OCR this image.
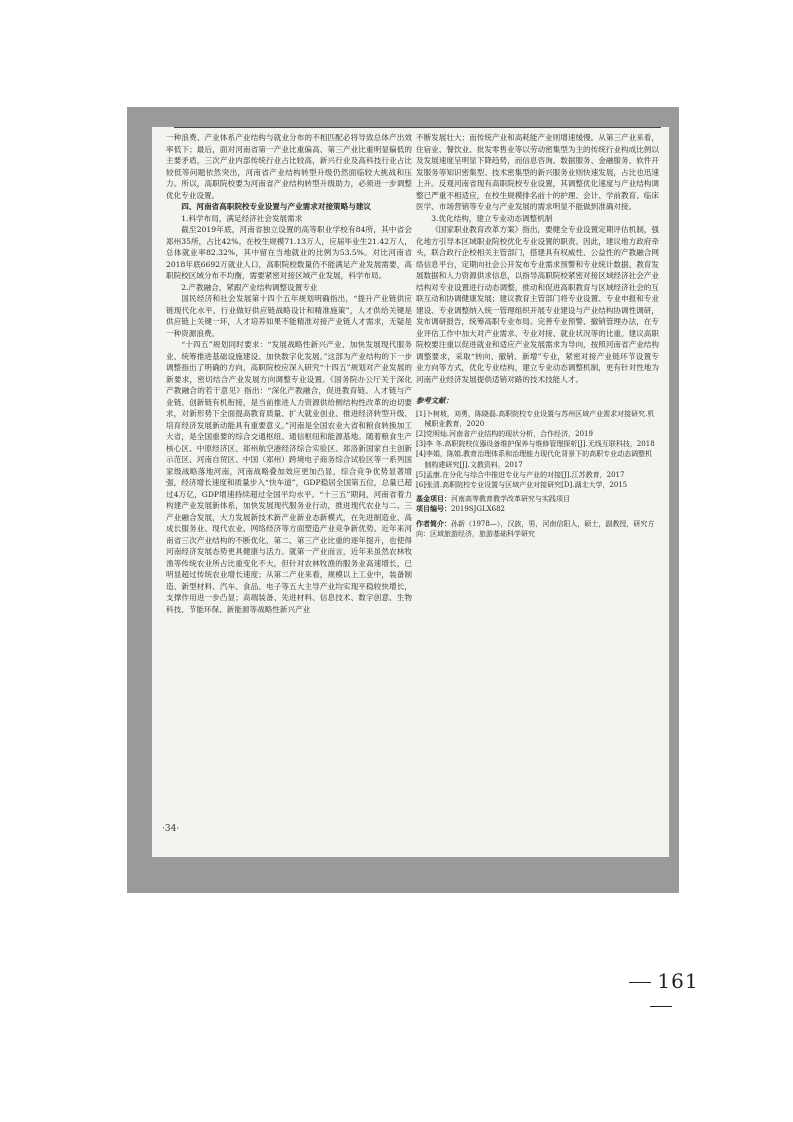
一种浪费、产业体系产业结构与就业分布的不相匹配必将导致总体产出效率低下；最后，面对河南省第一产业比重偏高、第三产业比重明显偏低的主要矛盾，三次产业内部传统行业占比较高，新兴行业及高科技行业占比较低等问题依然突出，河南省产业结构转型升级仍然面临较大挑战和压力。所以，高职院校要为河南省产业结构转型升级助力，必须进一步调整优化专业设置。

四、河南省高职院校专业设置与产业需求对接策略与建议

1.科学布局，满足经济社会发展需求

截至2019年底，河南省独立设置的高等职业学校有84所，其中省会郑州35所，占比42%。在校生规模71.13万人，应届毕业生21.42万人，总体就业率82.32%，其中留在当地就业的比例为53.5%。对比河南省2018年底6692万就业人口，高职院校数量仍不能满足产业发展需要，高职院校区域分布不均衡，需要紧密对接区域产业发展，科学布局。

2.产教融合，紧跟产业结构调整设置专业

国民经济和社会发展第十四个五年规划明确指出，“提升产业链供应链现代化水平，行业做好供应链战略设计和精准施策”，人才供给关键是供应链上关键一环，人才培养如果不能精准对接产业链人才需求，无疑是一种资源浪费。

“十四五”规划同时要求：“发展战略性新兴产业、加快发展现代服务业、统筹推进基础设施建设、加快数字化发展。”这部为产业结构的下一步调整指出了明确的方向，高职院校应深入研究“十四五”规划对产业发展的新要求，密切结合产业发展方向调整专业设置。《国务院办公厅关于深化产教融合的若干意见》指出：“深化产教融合，促进教育链、人才链与产业链、创新链有机衔接，是当前推进人力资源供给侧结构性改革的迫切要求，对新形势下全面提高教育质量、扩大就业创业、推进经济转型升级、培育经济发展新动能具有重要意义。”河南是全国农业大省和粮食转换加工大省，是全国重要的综合交通枢纽、通信枢纽和能源基地。随着粮食生产核心区、中原经济区、郑州航空港经济综合实验区、郑洛新国家自主创新示范区、河南自贸区、中国（郑州）跨境电子商务综合试验区等一系列国家级战略落地河南，河南战略叠加效应更加凸显，综合竞争优势显著增强，经济增长速度和质量步入“快车道”，GDP稳居全国第五位，总量已超过4万亿，GDP增速持续超过全国平均水平。“十三五”期间，河南省着力构建产业发展新体系，加快发展现代服务业行动，推进现代农业与二、三产业融合发展，大力发展新技术新产业新业态新模式，在先进制造业、高成长服务业、现代农业、网络经济等方面塑造产业竞争新优势。近年来河南省三次产业结构的不断优化，第二、第三产业比重的逐年提升，也使得河南经济发展态势更具健康与活力。就第一产业而言，近年来虽然农林牧渔等传统农业所占比重变化不大，但针对农林牧渔的服务业高速增长，已明显超过传统农业增长速度；从第二产业来看，规模以上工业中，装备制造、新型材料、汽车、食品、电子等五大主导产业均实现平稳较快增长，支撑作用进一步凸显；高端装备、先进材料、信息技术、数字创意、生物科技、节能环保、新能源等战略性新兴产业

不断发展壮大；而传统产业和高耗能产业则增速缓慢。从第三产业来看，住宿业、餐饮业、批发零售业等以劳动密集型为主的传统行业构成比例以及发展速度呈明显下降趋势，而信息咨询、数据服务、金融服务、软件开发服务等知识密集型、技术密集型的新兴服务业则快速发展，占比也迅速上升。反观河南省现有高职院校专业设置，其调整优化速度与产业结构调整已严重不相适应，在校生规模排名前十的护理、会计、学前教育、临床医学、市场营销等专业与产业发展的需求明显不能做到准确对接。

3.优化结构，建立专业动态调整机制

《国家职业教育改革方案》指出，要健全专业设置定期评估机制，强化地方引导本区域职业院校优化专业设置的职责。因此，建议地方政府牵头，联合政行企校相关主管部门，搭建具有权威性、公益性的产教融合网络信息平台，定期向社会公开发布专业需求预警和专业统计数据、教育发展数据和人力资源供求信息，以指导高职院校紧密对接区域经济社会产业结构对专业设置进行动态调整，推动和促进高职教育与区域经济社会的互联互动和协调健康发展；建议教育主管部门将专业设置、专业申报和专业建设、专业调整纳入统一管理组织开展专业建设与产业结构协调性调研，发布调研报告，统筹高职专业布局。完善专业预警、撤销管理办法，在专业评估工作中加大对产业需求、专业对接、就业状况等的比重。建议高职院校要注重以促进就业和适应产业发展需求为导向，按照河南省产业结构调整要求，采取“转向、撤销、新增”专业，紧密对接产业链环节设置专业方向等方式，优化专业结构，建立专业动态调整机制，更有针对性地为河南产业经济发展提供适销对路的技术技能人才。

参考文献：
[1]卜树坡，刘勇，陈晓磊.高职院校专业设置与苏州区域产业需求对接研究.机械职业教育，2020
[2]党明灿.河南省产业结构的现状分析，合作经济，2019
[3]李 冬.高职院校仪器设备维护保养与维修管理探析[J].无线互联科技，2018
[4]李娟，陈娟.教育治理体系和治理能力现代化背景下的高职专业动态调整机制构建研究[J].文教资料，2017
[5]孟康.在分化与综合中推进专业与产业的对接[J].江苏教育，2017
[6]张清.高职院校专业设置与区域产业对接研究[D].湖北大学，2015
基金项目：河南高等教育教学改革研究与实践项目
项目编号：2019SJGLX682
作者简介：孙新（1978—），汉族，男，河南信阳人，硕士，副教授，研究方向：区域旅游经济，旅游基础科学研究
·34·
161
